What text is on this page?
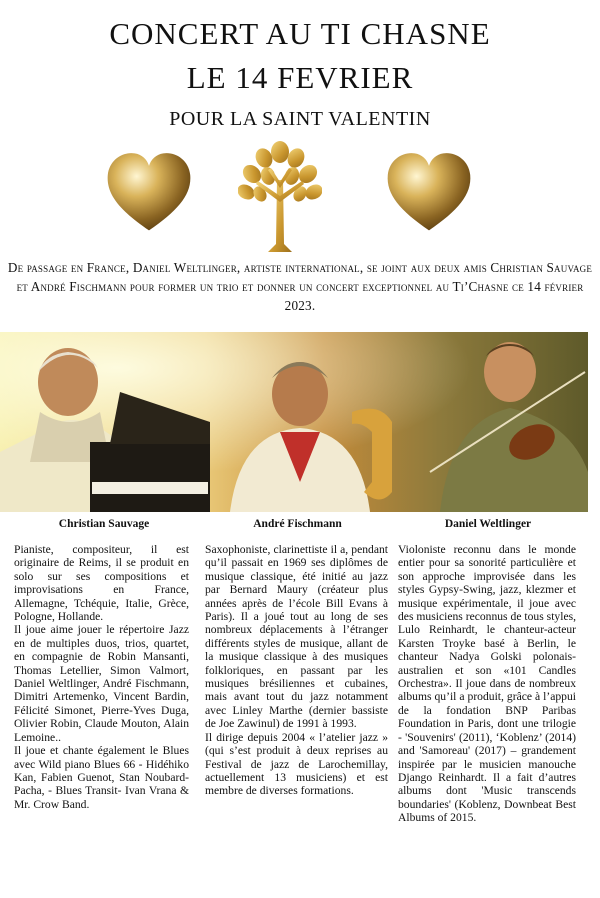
CONCERT AU TI CHASNE
LE 14 FEVRIER
POUR LA SAINT VALENTIN
De passage en France, Daniel Weltlinger, artiste international, se joint aux deux amis Christian Sauvage et André Fischmann pour former un trio et donner un concert exceptionnel au Ti’Chasne ce 14 février 2023.
Christian Sauvage	André Fischmann	Daniel Weltlinger

Pianiste, compositeur, il est originaire de Reims, il se produit en solo sur ses compositions et improvisations en France, Allemagne, Tchéquie, Italie, Grèce, Pologne, Hollande.

Il joue aime jouer le répertoire Jazz en de multiples duos, trios, quartet, en compagnie de Robin Mansanti, Thomas Letellier, Simon Valmort, Daniel Weltlinger, André Fischmann, Dimitri Artemenko, Vincent Bardin, Félicité Simonet, Pierre-Yves Duga, Olivier Robin, Claude Mouton, Alain Lemoine..

Il joue et chante également le Blues avec Wild piano Blues 66 - Hidéhiko Kan, Fabien Guenot, Stan Noubard-Pacha, - Blues Transit- Ivan Vrana & Mr. Crow Band.

Saxophoniste, clarinettiste il a, pendant qu’il passait en 1969 ses diplômes de musique classique, été initié au jazz par Bernard Maury (créateur plus années après de l’école Bill Evans à Paris). Il a joué tout au long de ses nombreux déplacements à l’étranger différents styles de musique, allant de la musique classique à des musiques folkloriques, en passant par les musiques brésiliennes et cubaines, mais avant tout du jazz notamment avec Linley Marthe (dernier bassiste de Joe Zawinul) de 1991 à 1993.

Il dirige depuis 2004 « l’atelier jazz » (qui s’est produit à deux reprises au Festival de jazz de Larochemillay, actuellement 13 musiciens) et est membre de diverses formations.

Violoniste reconnu dans le monde entier pour sa sonorité particulière et son approche improvisée dans les styles Gypsy-Swing, jazz, klezmer et musique expérimentale, il joue avec des musiciens reconnus de tous styles, Lulo Reinhardt, le chanteur-acteur Karsten Troyke basé à Berlin, le chanteur Nadya Golski polonais-australien et son «101 Candles Orchestra». Il joue dans de nombreux albums qu’il a produit, grâce à l’appui de la fondation BNP Paribas Foundation in Paris, dont une trilogie - 'Souvenirs' (2011), ‘Koblenz’ (2014) and 'Samoreau' (2017) – grandement inspirée par le musicien manouche Django Reinhardt. Il a fait d’autres albums dont 'Music transcends boundaries' (Koblenz, Downbeat Best Albums of 2015.
